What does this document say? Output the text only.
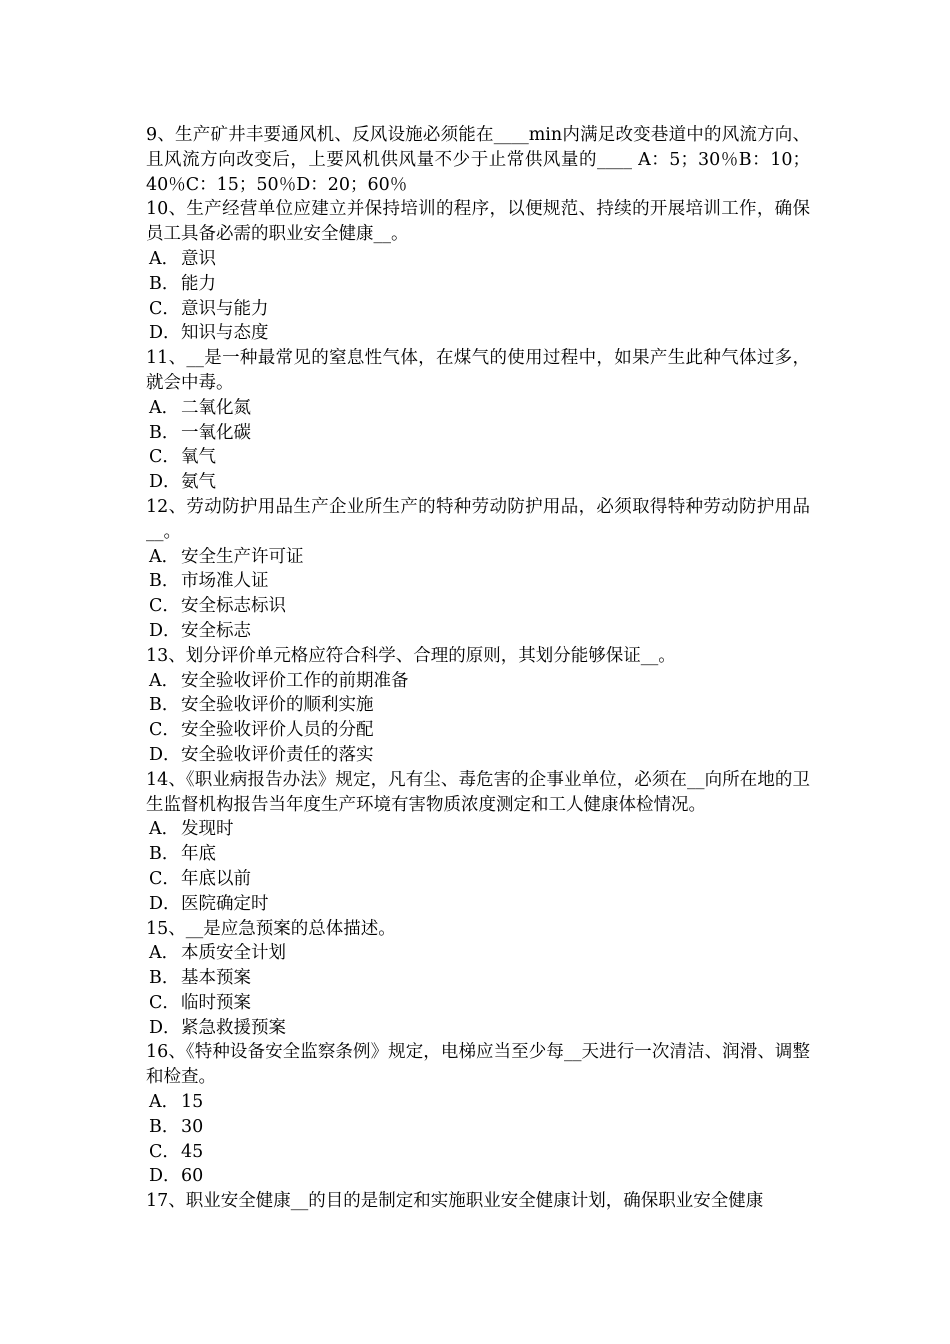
9、生产矿井丰要通风机、反风设施必须能在____min内满足改变巷道中的风流方向、且风流方向改变后，上要风机供风量不少于止常供风量的____ A：5；30％B：10；40％C：15；50％D：20；60％

10、生产经营单位应建立并保持培训的程序，以便规范、持续的开展培训工作，确保员工具备必需的职业安全健康__。

A． 意识
B．能力
C．意识与能力
D．知识与态度

11、__是一种最常见的窒息性气体，在煤气的使用过程中，如果产生此种气体过多，就会中毒。

A． 二氧化氮
B．一氧化碳
C．氧气
D．氨气

12、劳动防护用品生产企业所生产的特种劳动防护用品，必须取得特种劳动防护用品__。

A． 安全生产许可证
B．市场准人证
C．安全标志标识
D．安全标志

13、划分评价单元格应符合科学、合理的原则，其划分能够保证__。

A． 安全验收评价工作的前期准备
B．安全验收评价的顺利实施
C．安全验收评价人员的分配
D．安全验收评价责任的落实

14、《职业病报告办法》规定，凡有尘、毒危害的企事业单位，必须在__向所在地的卫生监督机构报告当年度生产环境有害物质浓度测定和工人健康体检情况。

A． 发现时
B．年底
C．年底以前
D．医院确定时

15、__是应急预案的总体描述。

A． 本质安全计划
B．基本预案
C．临时预案
D．紧急救援预案

16、《特种设备安全监察条例》规定，电梯应当至少每__天进行一次清洁、润滑、调整和检查。

A． 15
B．30
C．45
D．60

17、职业安全健康__的目的是制定和实施职业安全健康计划，确保职业安全健康
